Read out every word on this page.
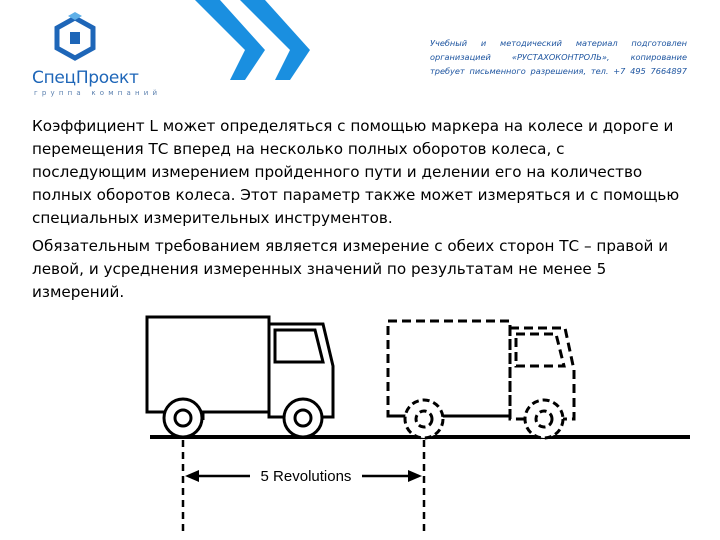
СпецПроект
группа компаний
Учебный и методический материал подготовлен организацией «РУСТАХОКОНТРОЛЬ», копирование требует письменного разрешения, тел. +7 495 7664897

Коэффициент L может определяться с помощью маркера на колесе и дороге и перемещения ТС вперед на несколько полных оборотов колеса, с последующим измерением пройденного пути и делении его на количество полных оборотов колеса. Этот параметр также может измеряться и с помощью специальных измерительных инструментов.

Обязательным требованием является измерение с обеих сторон ТС – правой и левой, и усреднения измеренных значений по результатам не менее 5 измерений.

5 Revolutions
